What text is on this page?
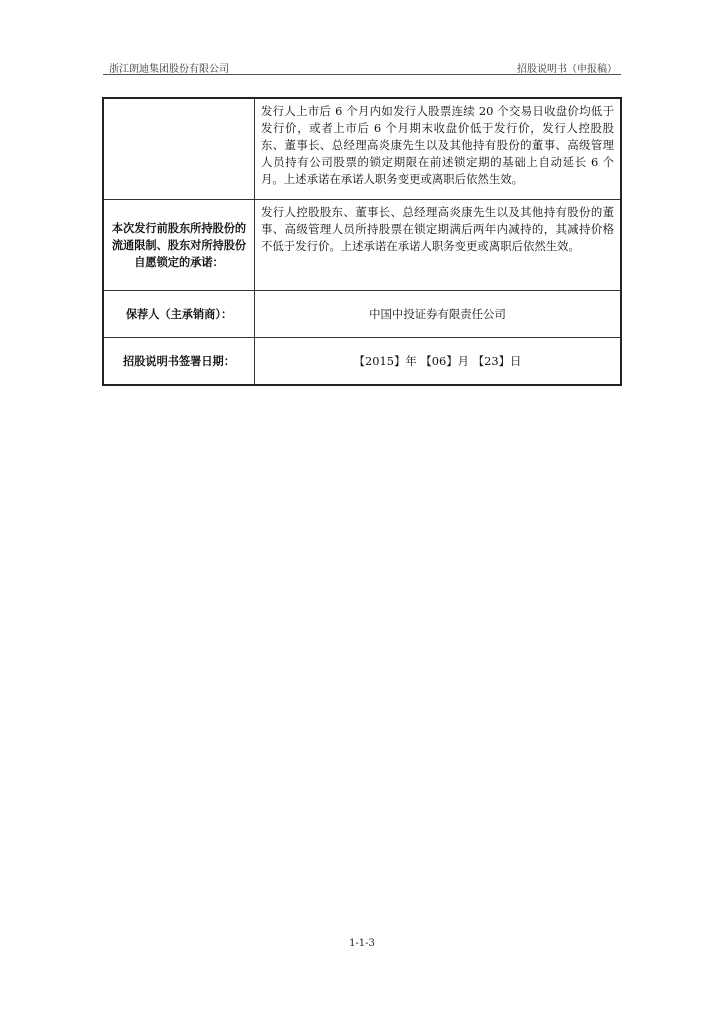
浙江朗迪集团股份有限公司	招股说明书（申报稿）
	发行人上市后 6 个月内如发行人股票连续 20 个交易日收盘价均低于发行价，或者上市后 6 个月期末收盘价低于发行价，发行人控股股东、董事长、总经理高炎康先生以及其他持有股份的董事、高级管理人员持有公司股票的锁定期限在前述锁定期的基础上自动延长 6 个月。上述承诺在承诺人职务变更或离职后依然生效。
本次发行前股东所持股份的流通限制、股东对所持股份自愿锁定的承诺：	发行人控股股东、董事长、总经理高炎康先生以及其他持有股份的董事、高级管理人员所持股票在锁定期满后两年内减持的，其减持价格不低于发行价。上述承诺在承诺人职务变更或离职后依然生效。
保荐人（主承销商）：	中国中投证券有限责任公司
招股说明书签署日期：	【2015】年 【06】月 【23】日
1-1-3
